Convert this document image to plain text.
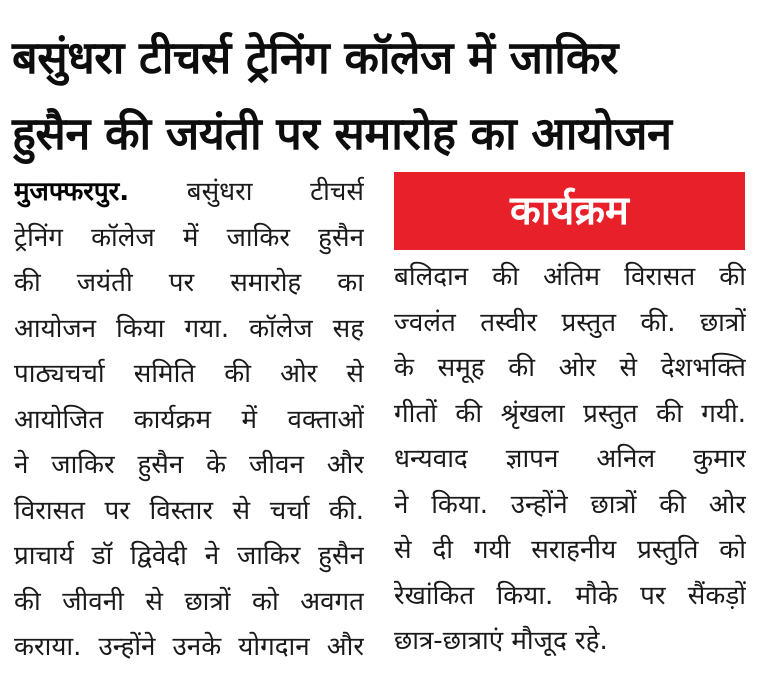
बसुंधरा टीचर्स ट्रेनिंग कॉलेज में जाकिर
हुसैन की जयंती पर समारोह का आयोजन
मुजफ्फरपुर. बसुंधरा टीचर्स
ट्रेनिंग कॉलेज में जाकिर हुसैन
की जयंती पर समारोह का
आयोजन किया गया. कॉलेज सह
पाठ्यचर्चा समिति की ओर से
आयोजित कार्यक्रम में वक्ताओं
ने जाकिर हुसैन के जीवन और
विरासत पर विस्तार से चर्चा की.
प्राचार्य डॉ द्विवेदी ने जाकिर हुसैन
की जीवनी से छात्रों को अवगत
कराया. उन्होंने उनके योगदान और
कार्यक्रम
बलिदान की अंतिम विरासत की
ज्वलंत तस्वीर प्रस्तुत की. छात्रों
के समूह की ओर से देशभक्ति
गीतों की श्रृंखला प्रस्तुत की गयी.
धन्यवाद ज्ञापन अनिल कुमार
ने किया. उन्होंने छात्रों की ओर
से दी गयी सराहनीय प्रस्तुति को
रेखांकित किया. मौके पर सैंकड़ों
छात्र-छात्राएं मौजूद रहे.
